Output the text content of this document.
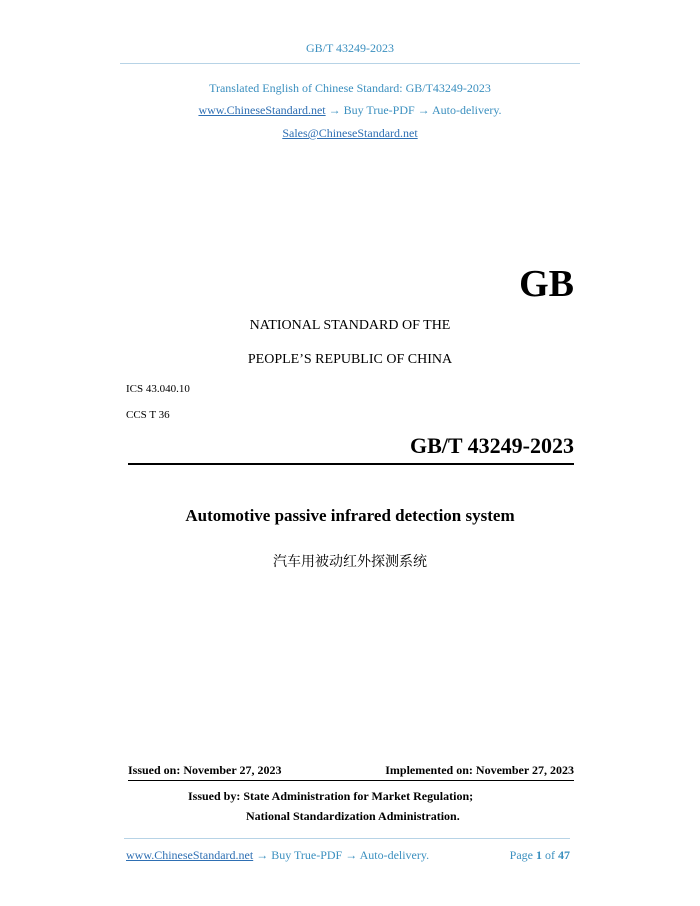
GB/T 43249-2023
Translated English of Chinese Standard: GB/T43249-2023
www.ChineseStandard.net → Buy True-PDF → Auto-delivery.
Sales@ChineseStandard.net
GB
NATIONAL STANDARD OF THE
PEOPLE’S REPUBLIC OF CHINA
ICS 43.040.10
CCS T 36
GB/T 43249-2023
Automotive passive infrared detection system
汽车用被动红外探测系统
Issued on: November 27, 2023	Implemented on: November 27, 2023
Issued by: State Administration for Market Regulation;
National Standardization Administration.
www.ChineseStandard.net → Buy True-PDF → Auto-delivery.	Page 1 of 47
